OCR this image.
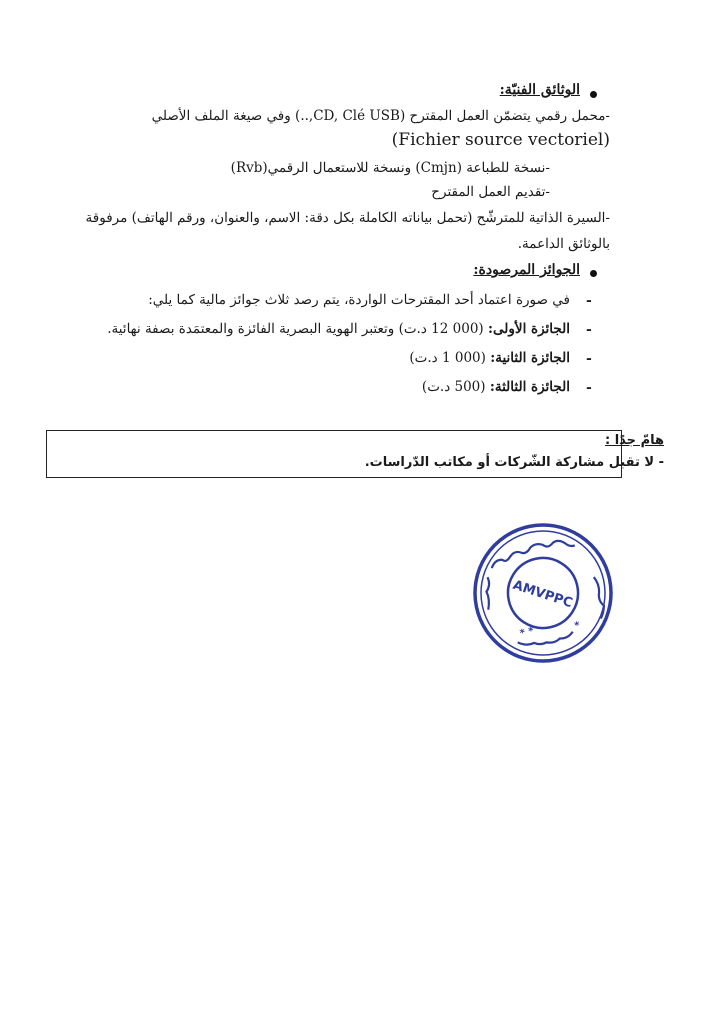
الوثائق الفنيّة:
-محمل رقمي يتضمّن العمل المقترح (CD, Clé USB,..) وفي صيغة الملف الأصلي
(Fichier source vectoriel)
-نسخة للطباعة (Cmjn) ونسخة للاستعمال الرقمي(Rvb)
-تقديم العمل المقترح
-السيرة الذاتية للمترشّح (تحمل بياناته الكاملة بكل دقة: الاسم، والعنوان، ورقم الهاتف) مرفوقة
بالوثائق الداعمة.
الجوائز المرصودة:
-
في صورة اعتماد أحد المقترحات الواردة، يتم رصد ثلاث جوائز مالية كما يلي:
-
الجائزة الأولى: (000 12 د.ت) وتعتبر الهوية البصرية الفائزة والمعتمَدة بصفة نهائية.
-
الجائزة الثانية: (000 1 د.ت)
-
الجائزة الثالثة: (500 د.ت)
هامّ جدًا :
- لا تقبل مشاركة الشّركات أو مكاتب الدّراسات.
* *	*
AMVPPC
